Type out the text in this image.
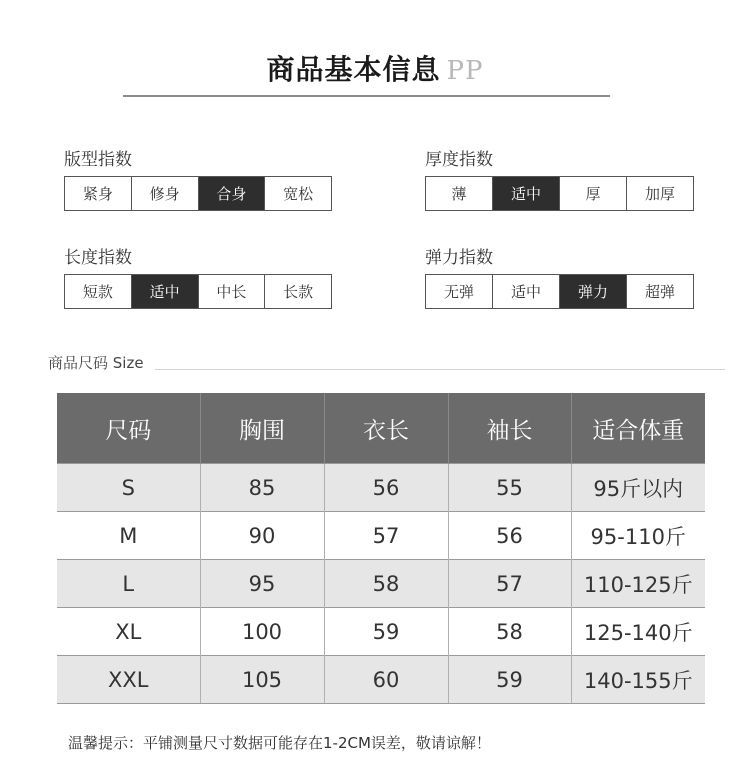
商品基本信息 PP
版型指数
紧身	修身	合身	宽松
厚度指数
薄	适中	厚	加厚
长度指数
短款	适中	中长	长款
弹力指数
无弹	适中	弹力	超弹
商品尺码 Size
尺码	胸围	衣长	袖长	适合体重
S	85	56	55	95斤以内
M	90	57	56	95-110斤
L	95	58	57	110-125斤
XL	100	59	58	125-140斤
XXL	105	60	59	140-155斤
温馨提示：平铺测量尺寸数据可能存在1-2CM误差，敬请谅解！
